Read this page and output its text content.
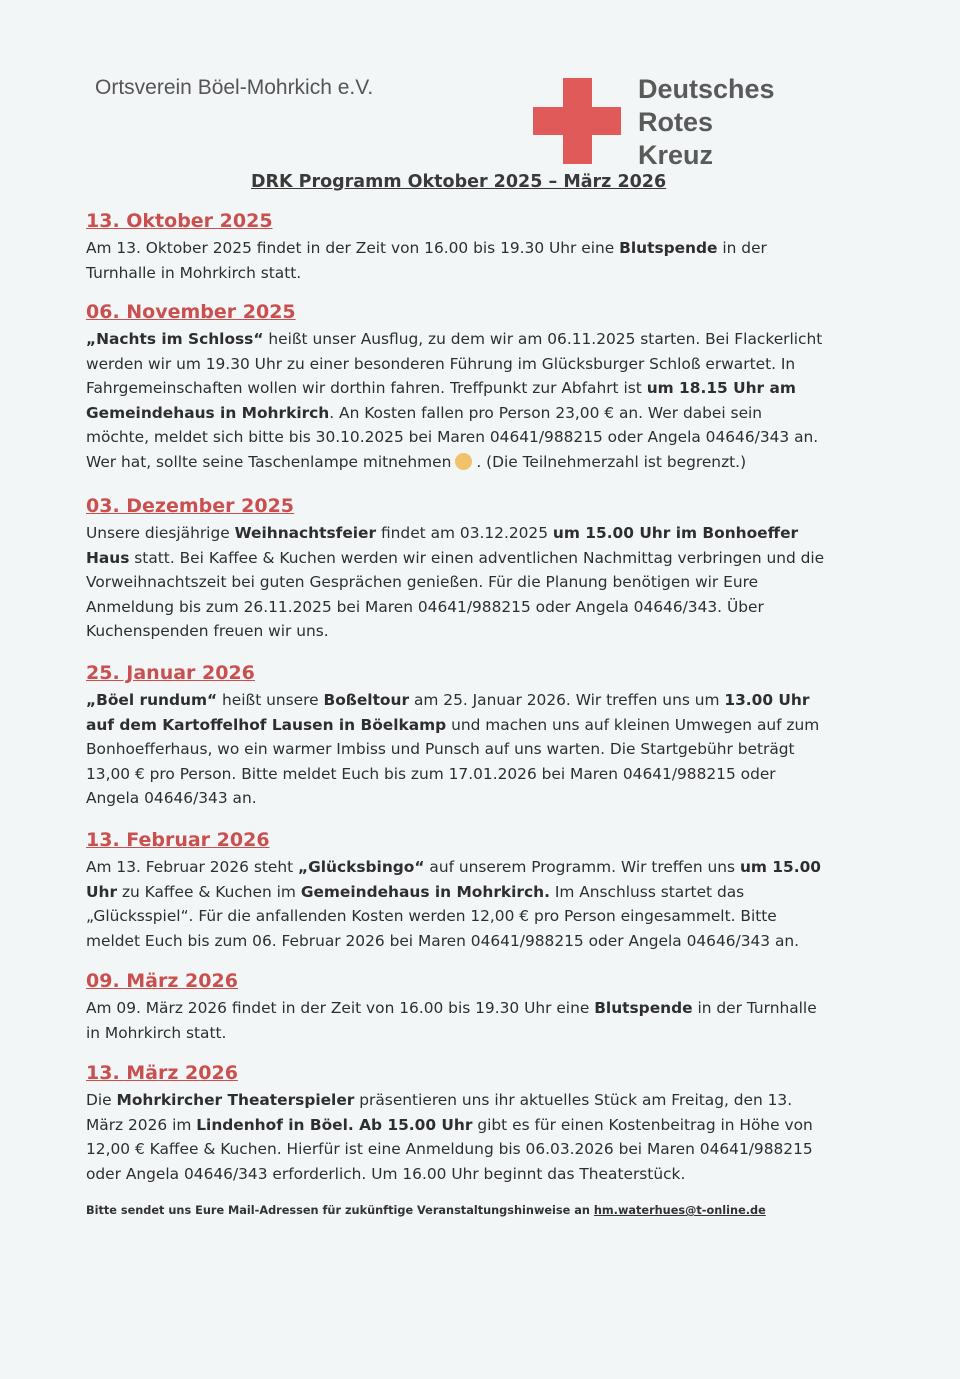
Ortsverein Böel-Mohrkich e.V.	Deutsches
Rotes
Kreuz
DRK Programm Oktober 2025 – März 2026
13. Oktober 2025

Am 13. Oktober 2025 findet in der Zeit von 16.00 bis 19.30 Uhr eine Blutspende in der Turnhalle in Mohrkirch statt.

06. November 2025

„Nachts im Schloss“ heißt unser Ausflug, zu dem wir am 06.11.2025 starten. Bei Flackerlicht werden wir um 19.30 Uhr zu einer besonderen Führung im Glücksburger Schloß erwartet. In Fahrgemeinschaften wollen wir dorthin fahren. Treffpunkt zur Abfahrt ist um 18.15 Uhr am Gemeindehaus in Mohrkirch. An Kosten fallen pro Person 23,00 € an. Wer dabei sein möchte, meldet sich bitte bis 30.10.2025 bei Maren 04641/988215 oder Angela 04646/343 an. Wer hat, sollte seine Taschenlampe mitnehmen . (Die Teilnehmerzahl ist begrenzt.)

03. Dezember 2025

Unsere diesjährige Weihnachtsfeier findet am 03.12.2025 um 15.00 Uhr im Bonhoeffer Haus statt. Bei Kaffee & Kuchen werden wir einen adventlichen Nachmittag verbringen und die Vorweihnachtszeit bei guten Gesprächen genießen. Für die Planung benötigen wir Eure Anmeldung bis zum 26.11.2025 bei Maren 04641/988215 oder Angela 04646/343. Über Kuchenspenden freuen wir uns.

25. Januar 2026

„Böel rundum“ heißt unsere Boßeltour am 25. Januar 2026. Wir treffen uns um 13.00 Uhr auf dem Kartoffelhof Lausen in Böelkamp und machen uns auf kleinen Umwegen auf zum Bonhoefferhaus, wo ein warmer Imbiss und Punsch auf uns warten. Die Startgebühr beträgt 13,00 € pro Person. Bitte meldet Euch bis zum 17.01.2026 bei Maren 04641/988215 oder Angela 04646/343 an.

13. Februar 2026

Am 13. Februar 2026 steht „Glücksbingo“ auf unserem Programm. Wir treffen uns um 15.00 Uhr zu Kaffee & Kuchen im Gemeindehaus in Mohrkirch. Im Anschluss startet das „Glücksspiel“. Für die anfallenden Kosten werden 12,00 € pro Person eingesammelt. Bitte meldet Euch bis zum 06. Februar 2026 bei Maren 04641/988215 oder Angela 04646/343 an.

09. März 2026

Am 09. März 2026 findet in der Zeit von 16.00 bis 19.30 Uhr eine Blutspende in der Turnhalle in Mohrkirch statt.

13. März 2026

Die Mohrkircher Theaterspieler präsentieren uns ihr aktuelles Stück am Freitag, den 13. März 2026 im Lindenhof in Böel. Ab 15.00 Uhr gibt es für einen Kostenbeitrag in Höhe von 12,00 € Kaffee & Kuchen. Hierfür ist eine Anmeldung bis 06.03.2026 bei Maren 04641/988215 oder Angela 04646/343 erforderlich. Um 16.00 Uhr beginnt das Theaterstück.

Bitte sendet uns Eure Mail-Adressen für zukünftige Veranstaltungshinweise an hm.waterhues@t-online.de
